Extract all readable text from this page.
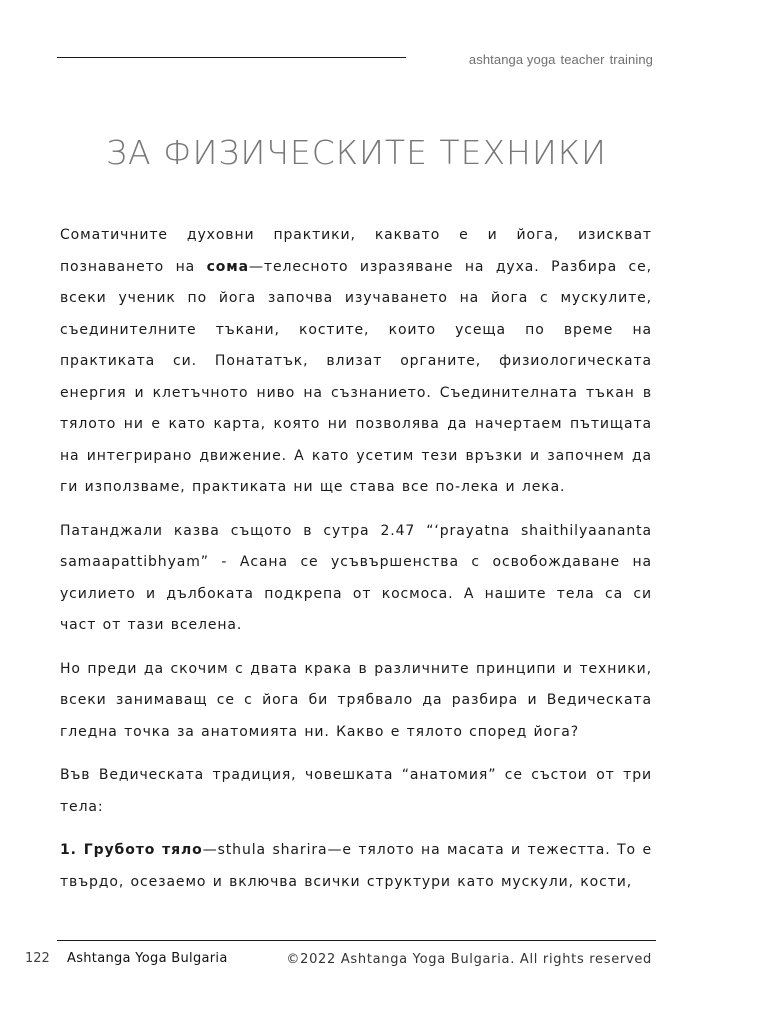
ashtanga yoga teacher training
ЗА ФИЗИЧЕСКИТЕ ТЕХНИКИ

Соматичните духовни практики, каквато е и йога, изискват познаването на сома—телесното изразяване на духа. Разбира се, всеки ученик по йога започва изучаването на йога с мускулите, съединителните тъкани, костите, които усеща по време на практиката си. Понататък, влизат органите, физиологическата енергия и клетъчното ниво на съзнанието. Съединителната тъкан в тялото ни е като карта, която ни позволява да начертаем пътищата на интегрирано движение. А като усетим тези връзки и започнем да ги използваме, практиката ни ще става все по-лека и лека.

Патанджали казва същото в сутра 2.47 “‘prayatna shaithilyaananta samaapattibhyam” - Асана се усъвършенства с освобождаване на усилието и дълбоката подкрепа от космоса. А нашите тела са си част от тази вселена.

Но преди да скочим с двата крака в различните принципи и техники, всеки занимаващ се с йога би трябвало да разбира и Ведическата гледна точка за анатомията ни. Какво е тялото според йога?

Във Ведическата традиция, човешката “анатомия” се състои от три тела:

1. Грубото тяло—sthula sharira—е тялото на масата и тежестта. То е твърдо, осезаемо и включва всички структури като мускули, кости,

122 Ashtanga Yoga Bulgaria	©2022 Ashtanga Yoga Bulgaria. All rights reserved
